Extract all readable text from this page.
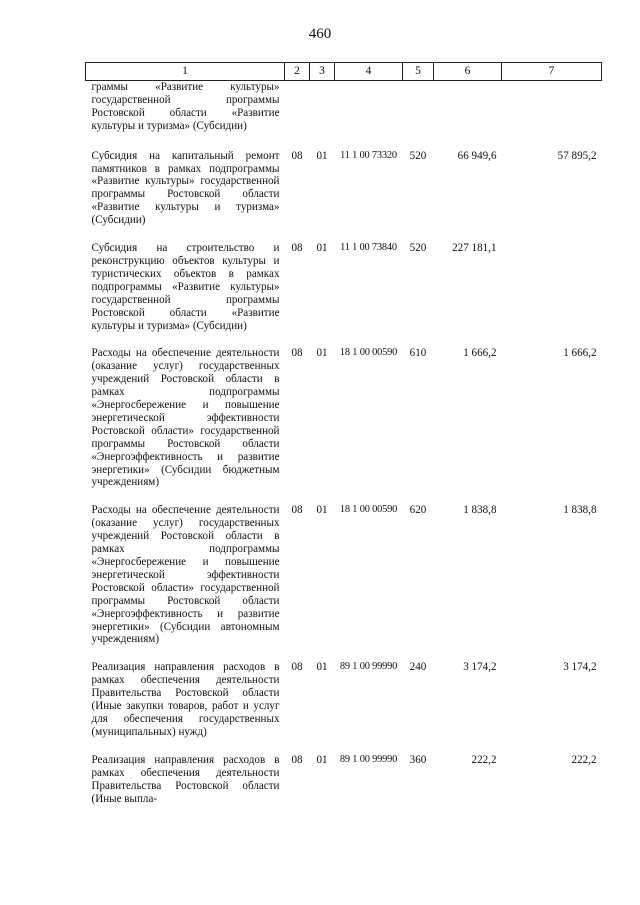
460
1	2	3	4	5	6	7
граммы «Развитие культуры» государственной программы Ростовской области «Развитие культуры и туризма» (Субсидии)						
Субсидия на капитальный ремонт памятников в рамках подпрограммы «Развитие культуры» государственной программы Ростовской области «Развитие культуры и туризма» (Субсидии)	08	01	11 1 00 73320	520	66 949,6	57 895,2
Субсидия на строительство и реконструкцию объектов культуры и туристических объектов в рамках подпрограммы «Развитие культуры» государственной программы Ростовской области «Развитие культуры и туризма» (Субсидии)	08	01	11 1 00 73840	520	227 181,1	
Расходы на обеспечение деятельности (оказание услуг) государственных учреждений Ростовской области в рамках подпрограммы «Энергосбережение и повышение энергетической эффективности Ростовской области» государственной программы Ростовской области «Энергоэффективность и развитие энергетики» (Субсидии бюджетным учреждениям)	08	01	18 1 00 00590	610	1 666,2	1 666,2
Расходы на обеспечение деятельности (оказание услуг) государственных учреждений Ростовской области в рамках подпрограммы «Энергосбережение и повышение энергетической эффективности Ростовской области» государственной программы Ростовской области «Энергоэффективность и развитие энергетики» (Субсидии автономным учреждениям)	08	01	18 1 00 00590	620	1 838,8	1 838,8
Реализация направления расходов в рамках обеспечения деятельности Правительства Ростовской области (Иные закупки товаров, работ и услуг для обеспечения государственных (муниципальных) нужд)	08	01	89 1 00 99990	240	3 174,2	3 174,2
Реализация направления расходов в рамках обеспечения деятельности Правительства Ростовской области (Иные выпла-	08	01	89 1 00 99990	360	222,2	222,2
